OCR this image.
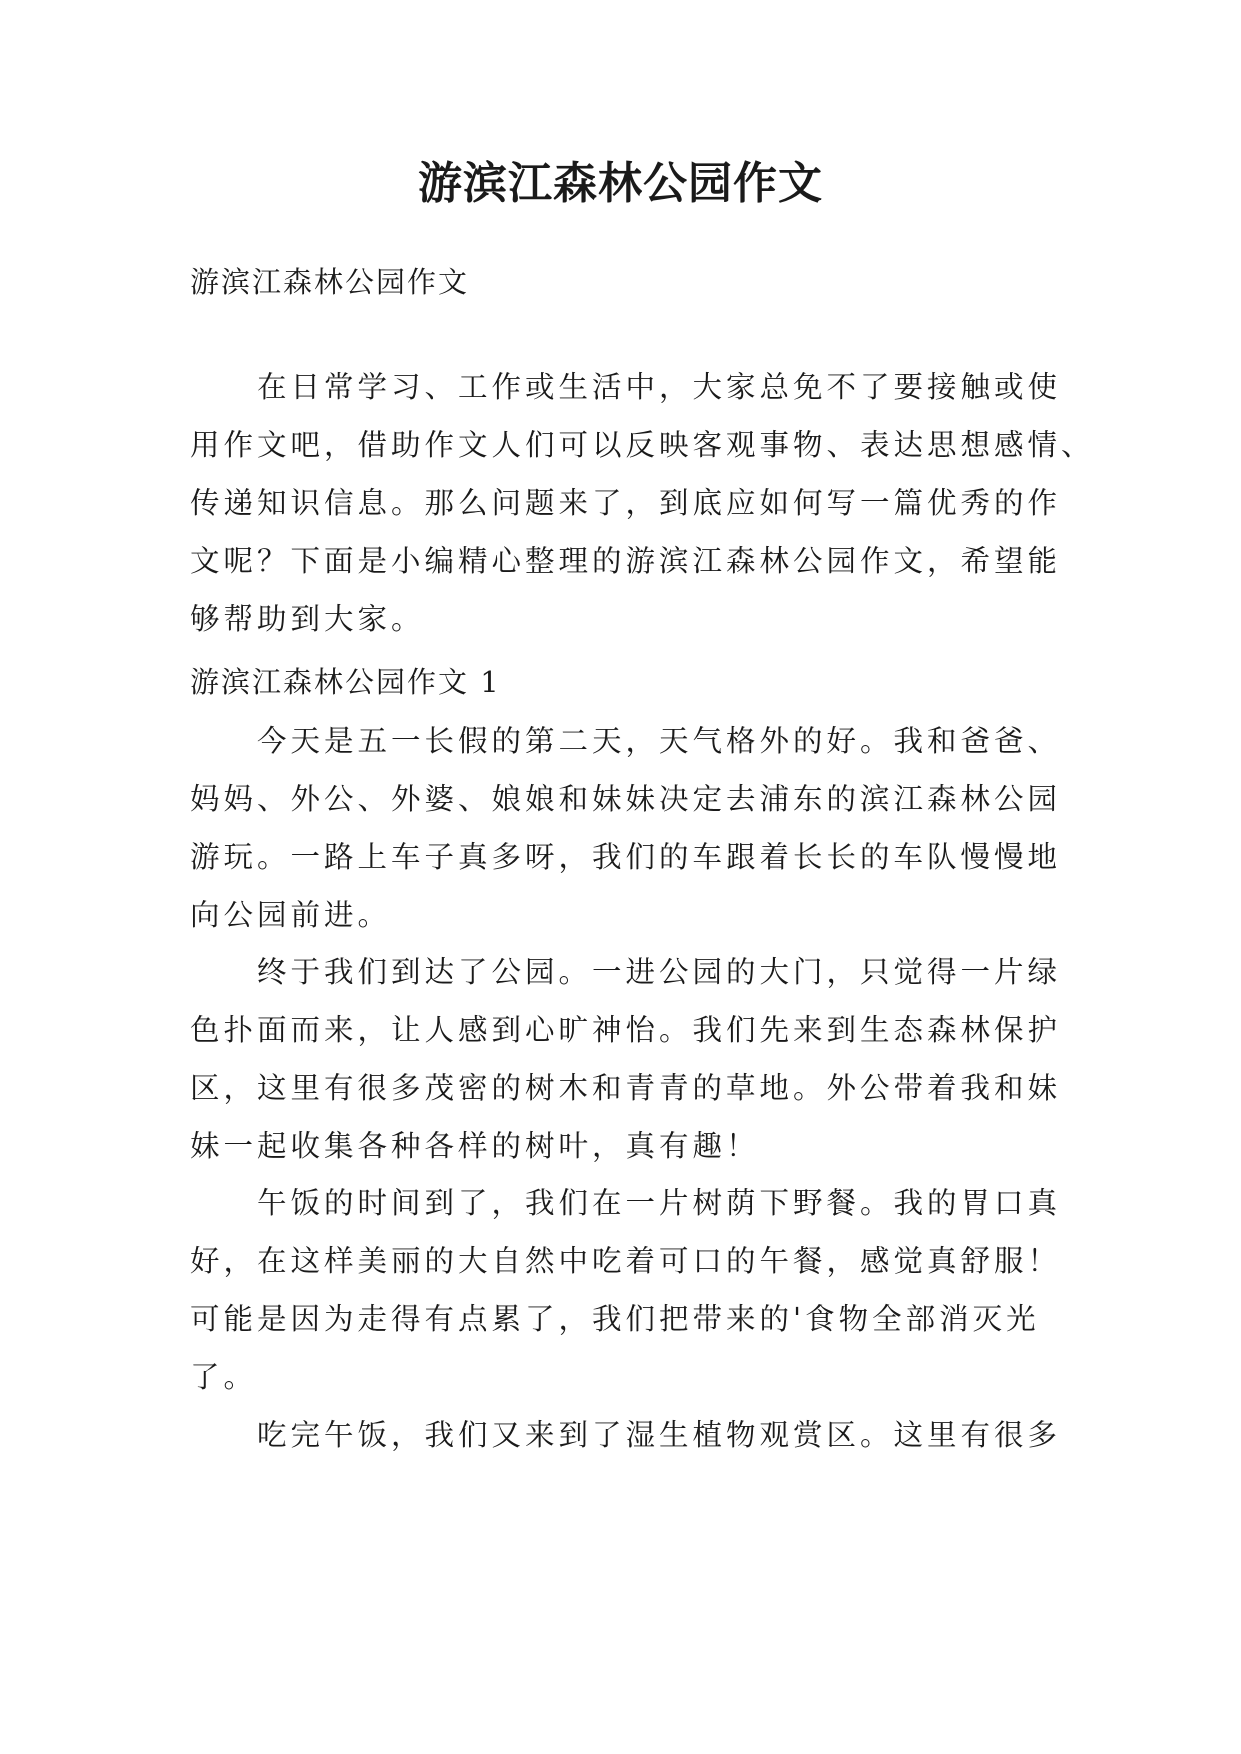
游滨江森林公园作文
游滨江森林公园作文
　　在日常学习、工作或生活中，大家总免不了要接触或使
用作文吧，借助作文人们可以反映客观事物、表达思想感情、
传递知识信息。那么问题来了，到底应如何写一篇优秀的作
文呢？下面是小编精心整理的游滨江森林公园作文，希望能
够帮助到大家。
游滨江森林公园作文 1
　　今天是五一长假的第二天，天气格外的好。我和爸爸、
妈妈、外公、外婆、娘娘和妹妹决定去浦东的滨江森林公园
游玩。一路上车子真多呀，我们的车跟着长长的车队慢慢地
向公园前进。
　　终于我们到达了公园。一进公园的大门，只觉得一片绿
色扑面而来，让人感到心旷神怡。我们先来到生态森林保护
区，这里有很多茂密的树木和青青的草地。外公带着我和妹
妹一起收集各种各样的树叶，真有趣！
　　午饭的时间到了，我们在一片树荫下野餐。我的胃口真
好，在这样美丽的大自然中吃着可口的午餐，感觉真舒服！
可能是因为走得有点累了，我们把带来的'食物全部消灭光
了。
　　吃完午饭，我们又来到了湿生植物观赏区。这里有很多
